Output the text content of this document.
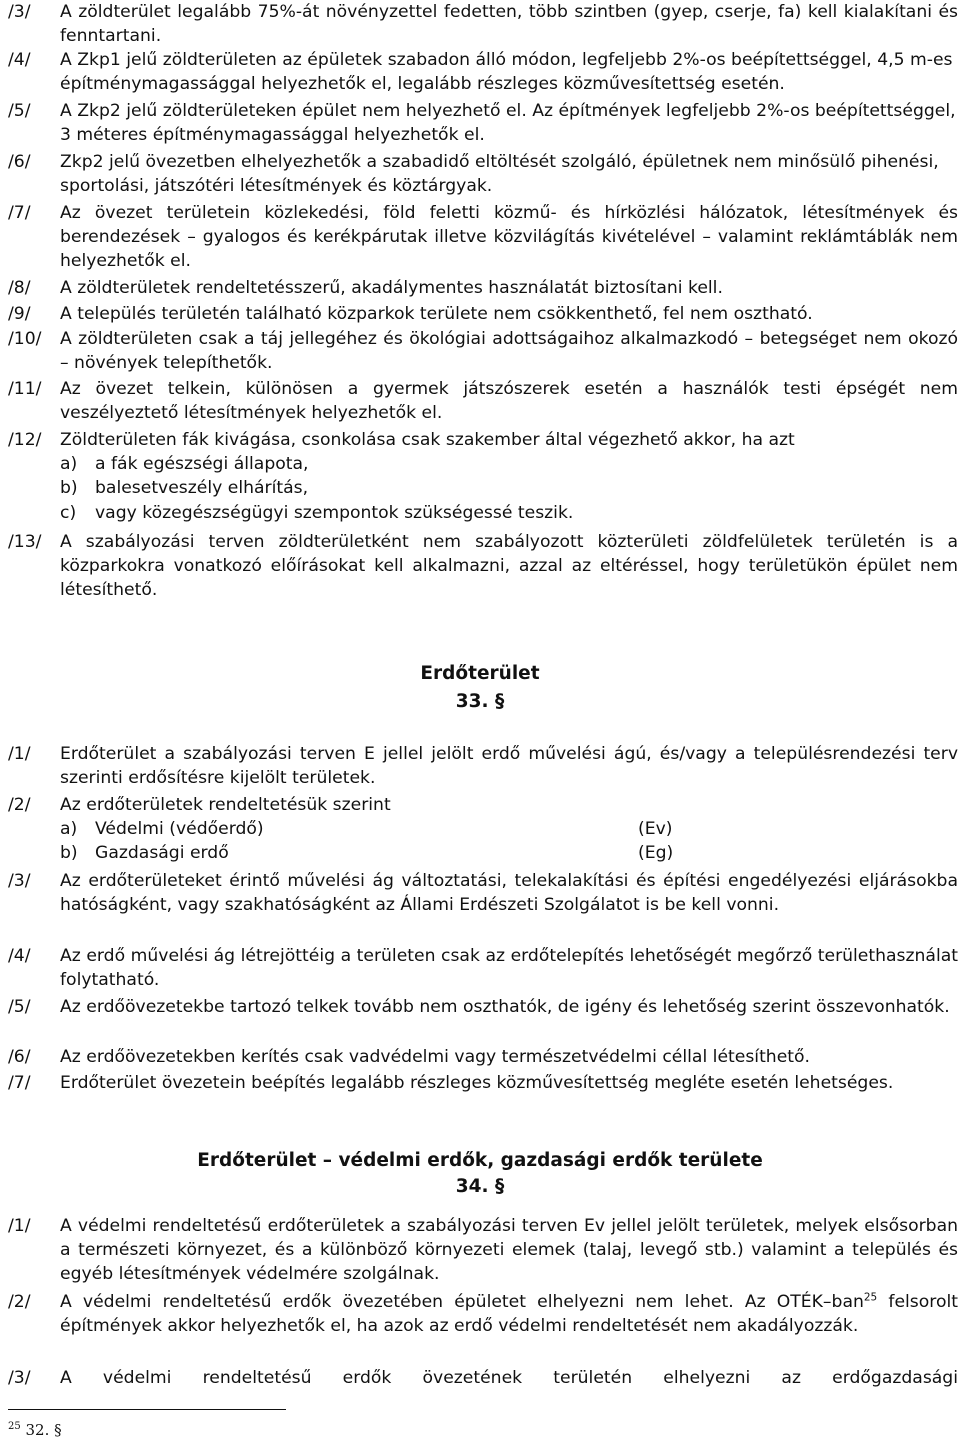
/3/	A zöldterület legalább 75%-át növényzettel fedetten, több szintben (gyep, cserje, fa) kell kialakítani és fenntartani.
/4/	A Zkp1 jelű zöldterületen az épületek szabadon álló módon, legfeljebb 2%-os beépítettséggel, 4,5 m-es építménymagassággal helyezhetők el, legalább részleges közművesítettség esetén.
/5/	A Zkp2 jelű zöldterületeken épület nem helyezhető el. Az építmények legfeljebb 2%-os beépítettséggel, 3 méteres építménymagassággal helyezhetők el.
/6/	Zkp2 jelű övezetben elhelyezhetők a szabadidő eltöltését szolgáló, épületnek nem minősülő pihenési, sportolási, játszótéri létesítmények és köztárgyak.
/7/	Az övezet területein közlekedési, föld feletti közmű- és hírközlési hálózatok, létesítmények és berendezések – gyalogos és kerékpárutak illetve közvilágítás kivételével – valamint reklámtáblák nem helyezhetők el.
/8/	A zöldterületek rendeltetésszerű, akadálymentes használatát biztosítani kell.
/9/	A település területén található közparkok területe nem csökkenthető, fel nem osztható.
/10/	A zöldterületen csak a táj jellegéhez és ökológiai adottságaihoz alkalmazkodó – betegséget nem okozó – növények telepíthetők.
/11/	Az övezet telkein, különösen a gyermek játszószerek esetén a használók testi épségét nem veszélyeztető létesítmények helyezhetők el.
/12/	Zöldterületen fák kivágása, csonkolása csak szakember által végezhető akkor, ha azt
a)	a fák egészségi állapota,
b)	balesetveszély elhárítás,
c)	vagy közegészségügyi szempontok szükségessé teszik.
/13/	A szabályozási terven zöldterületként nem szabályozott közterületi zöldfelületek területén is a közparkokra vonatkozó előírásokat kell alkalmazni, azzal az eltéréssel, hogy területükön épület nem létesíthető.
Erdőterület
33. §
/1/	Erdőterület a szabályozási terven E jellel jelölt erdő művelési ágú, és/vagy a településrendezési terv szerinti erdősítésre kijelölt területek.
/2/	Az erdőterületek rendeltetésük szerint
a)	Védelmi (védőerdő)	(Ev)
b)	Gazdasági erdő	(Eg)
/3/	Az erdőterületeket érintő művelési ág változtatási, telekalakítási és építési engedélyezési eljárásokba hatóságként, vagy szakhatóságként az Állami Erdészeti Szolgálatot is be kell vonni.
/4/	Az erdő művelési ág létrejöttéig a területen csak az erdőtelepítés lehetőségét megőrző területhasználat folytatható.
/5/	Az erdőövezetekbe tartozó telkek tovább nem oszthatók, de igény és lehetőség szerint összevonhatók.
/6/	Az erdőövezetekben kerítés csak vadvédelmi vagy természetvédelmi céllal létesíthető.
/7/	Erdőterület övezetein beépítés legalább részleges közművesítettség megléte esetén lehetséges.
Erdőterület – védelmi erdők, gazdasági erdők területe
34. §
/1/	A védelmi rendeltetésű erdőterületek a szabályozási terven Ev jellel jelölt területek, melyek elsősorban a természeti környezet, és a különböző környezeti elemek (talaj, levegő stb.) valamint a település és egyéb létesítmények védelmére szolgálnak.
/2/	A védelmi rendeltetésű erdők övezetében épületet elhelyezni nem lehet. Az OTÉK–ban$^{25}$ felsorolt építmények akkor helyezhetők el, ha azok az erdő védelmi rendeltetését nem akadályozzák.
/3/	A védelmi rendeltetésű erdők övezetének területén elhelyezni az erdőgazdasági
$^{25}$ 32. §
